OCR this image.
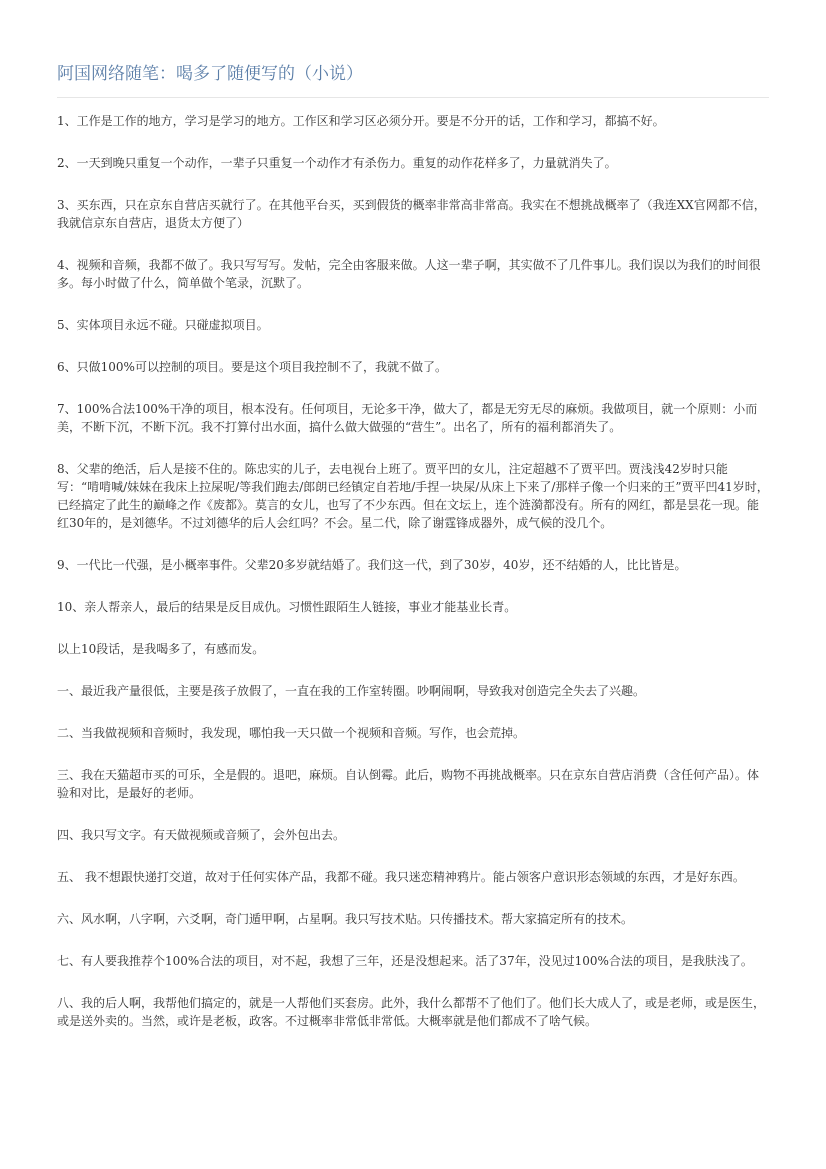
阿国网络随笔：喝多了随便写的（小说）

1、工作是工作的地方，学习是学习的地方。工作区和学习区必须分开。要是不分开的话，工作和学习，都搞不好。

2、一天到晚只重复一个动作，一辈子只重复一个动作才有杀伤力。重复的动作花样多了，力量就消失了。

3、买东西，只在京东自营店买就行了。在其他平台买，买到假货的概率非常高非常高。我实在不想挑战概率了（我连XX官网都不信，我就信京东自营店，退货太方便了）

4、视频和音频，我都不做了。我只写写写。发帖，完全由客服来做。人这一辈子啊，其实做不了几件事儿。我们误以为我们的时间很多。每小时做了什么，简单做个笔录，沉默了。

5、实体项目永远不碰。只碰虚拟项目。

6、只做100%可以控制的项目。要是这个项目我控制不了，我就不做了。

7、100%合法100%干净的项目，根本没有。任何项目，无论多干净，做大了，都是无穷无尽的麻烦。我做项目，就一个原则：小而美，不断下沉，不断下沉。我不打算付出水面，搞什么做大做强的“营生”。出名了，所有的福利都消失了。

8、父辈的绝活，后人是接不住的。陈忠实的儿子，去电视台上班了。贾平凹的女儿，注定超越不了贾平凹。贾浅浅42岁时只能写：“啃啃喊/妹妹在我床上拉屎呢/等我们跑去/郎朗已经镇定自若地/手捏一块屎/从床上下来了/那样子像一个归来的王”贾平凹41岁时，已经搞定了此生的巅峰之作《废都》。莫言的女儿，也写了不少东西。但在文坛上，连个涟漪都没有。所有的网红，都是昙花一现。能红30年的，是刘德华。不过刘德华的后人会红吗？不会。星二代，除了谢霆锋成器外，成气候的没几个。

9、一代比一代强，是小概率事件。父辈20多岁就结婚了。我们这一代，到了30岁，40岁，还不结婚的人，比比皆是。

10、亲人帮亲人，最后的结果是反目成仇。习惯性跟陌生人链接，事业才能基业长青。

以上10段话，是我喝多了，有感而发。

一、最近我产量很低，主要是孩子放假了，一直在我的工作室转圈。吵啊闹啊，导致我对创造完全失去了兴趣。

二、当我做视频和音频时，我发现，哪怕我一天只做一个视频和音频。写作，也会荒掉。

三、我在天猫超市买的可乐，全是假的。退吧，麻烦。自认倒霉。此后，购物不再挑战概率。只在京东自营店消费（含任何产品）。体验和对比，是最好的老师。

四、我只写文字。有天做视频或音频了，会外包出去。

五、 我不想跟快递打交道，故对于任何实体产品，我都不碰。我只迷恋精神鸦片。能占领客户意识形态领域的东西，才是好东西。

六、风水啊，八字啊，六爻啊，奇门遁甲啊，占星啊。我只写技术贴。只传播技术。帮大家搞定所有的技术。

七、有人要我推荐个100%合法的项目，对不起，我想了三年，还是没想起来。活了37年，没见过100%合法的项目，是我肤浅了。

八、我的后人啊，我帮他们搞定的，就是一人帮他们买套房。此外，我什么都帮不了他们了。他们长大成人了，或是老师，或是医生，或是送外卖的。当然，或许是老板，政客。不过概率非常低非常低。大概率就是他们都成不了啥气候。
